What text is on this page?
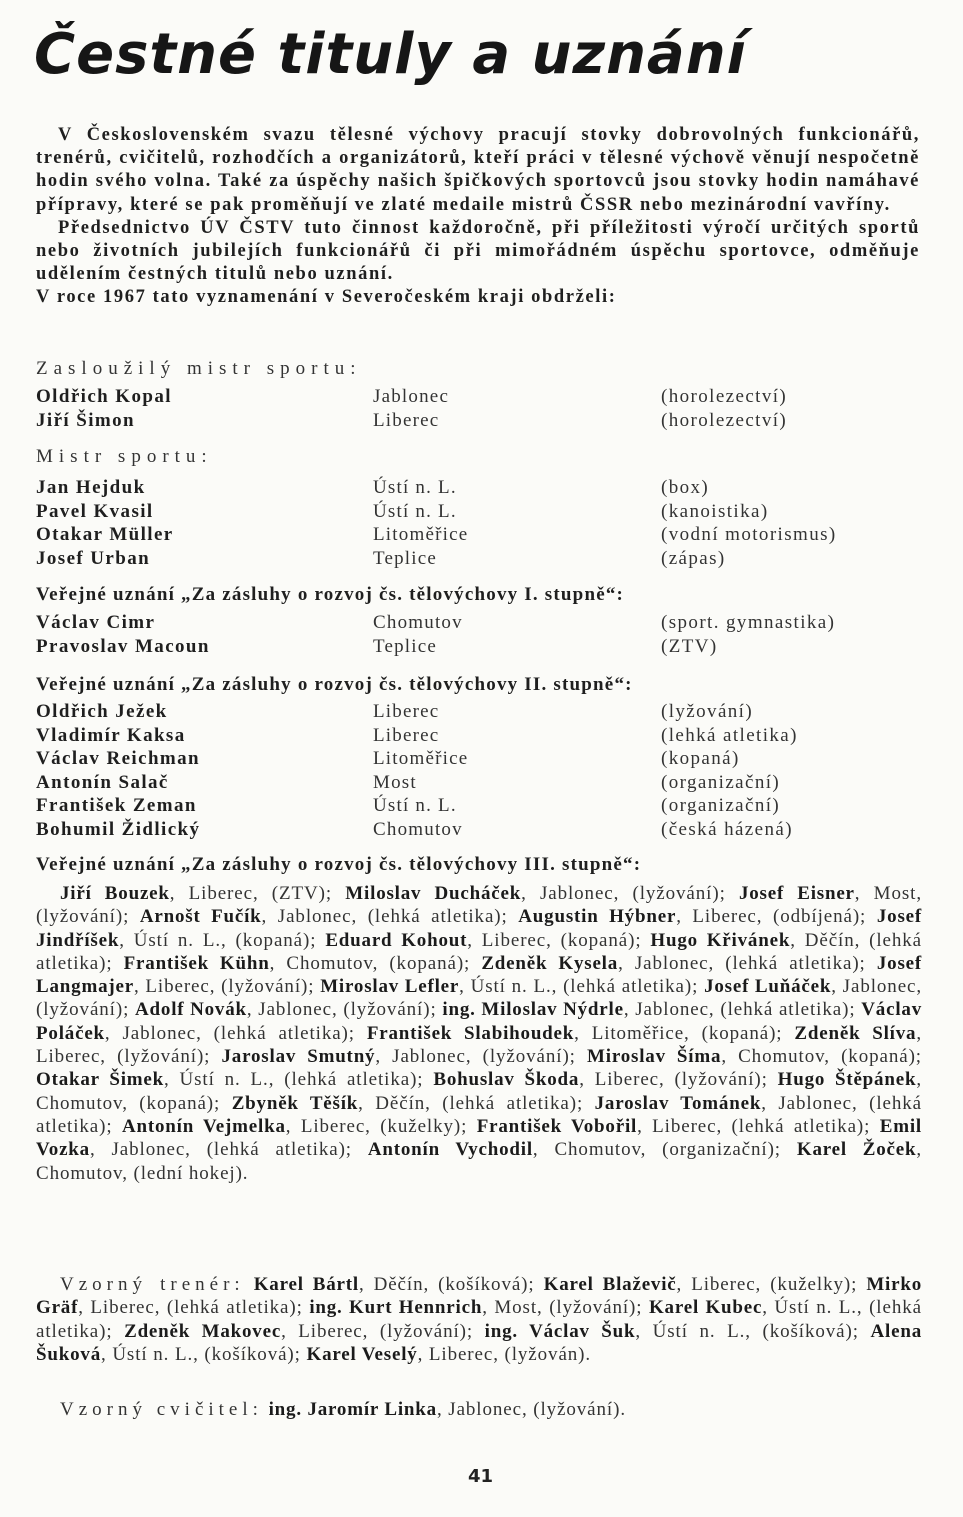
Čestné tituly a uznání

V Československém svazu tělesné výchovy pracují stovky dobrovolných funkcionářů, trenérů, cvičitelů, rozhodčích a organizátorů, kteří práci v tělesné výchově věnují nespočetně hodin svého volna. Také za úspěchy našich špičkových sportovců jsou stovky hodin namáhavé přípravy, které se pak proměňují ve zlaté medaile mistrů ČSSR nebo mezinárodní vavříny.

Předsednictvo ÚV ČSTV tuto činnost každoročně, při příležitosti výročí určitých sportů nebo životních jubilejích funkcionářů či při mimořádném úspěchu sportovce, odměňuje udělením čestných titulů nebo uznání.

V roce 1967 tato vyznamenání v Severočeském kraji obdrželi:

Zasloužilý mistr sportu:
Oldřich Kopal	Jablonec	(horolezectví)
Jiří Šimon	Liberec	(horolezectví)
Mistr sportu:
Jan Hejduk	Ústí n. L.	(box)
Pavel Kvasil	Ústí n. L.	(kanoistika)
Otakar Müller	Litoměřice	(vodní motorismus)
Josef Urban	Teplice	(zápas)
Veřejné uznání „Za zásluhy o rozvoj čs. tělovýchovy I. stupně“:
Václav Cimr	Chomutov	(sport. gymnastika)
Pravoslav Macoun	Teplice	(ZTV)
Veřejné uznání „Za zásluhy o rozvoj čs. tělovýchovy II. stupně“:
Oldřich Ježek	Liberec	(lyžování)
Vladimír Kaksa	Liberec	(lehká atletika)
Václav Reichman	Litoměřice	(kopaná)
Antonín Salač	Most	(organizační)
František Zeman	Ústí n. L.	(organizační)
Bohumil Židlický	Chomutov	(česká házená)
Veřejné uznání „Za zásluhy o rozvoj čs. tělovýchovy III. stupně“:

Jiří Bouzek, Liberec, (ZTV); Miloslav Ducháček, Jablonec, (lyžování); Josef Eisner, Most, (lyžování); Arnošt Fučík, Jablonec, (lehká atletika); Augustin Hýbner, Liberec, (odbíjená); Josef Jindříšek, Ústí n. L., (kopaná); Eduard Kohout, Liberec, (kopaná); Hugo Křivánek, Děčín, (lehká atletika); František Kühn, Chomutov, (kopaná); Zdeněk Kysela, Jablonec, (lehká atletika); Josef Langmajer, Liberec, (lyžování); Miroslav Lefler, Ústí n. L., (lehká atletika); Josef Luňáček, Jablonec, (lyžování); Adolf Novák, Jablonec, (lyžování); ing. Miloslav Nýdrle, Jablonec, (lehká atletika); Václav Poláček, Jablonec, (lehká atletika); František Slabihoudek, Litoměřice, (kopaná); Zdeněk Slíva, Liberec, (lyžování); Jaroslav Smutný, Jablonec, (lyžování); Miroslav Šíma, Chomutov, (kopaná); Otakar Šimek, Ústí n. L., (lehká atletika); Bohuslav Škoda, Liberec, (lyžování); Hugo Štěpánek, Chomutov, (kopaná); Zbyněk Těšík, Děčín, (lehká atletika); Jaroslav Tománek, Jablonec, (lehká atletika); Antonín Vejmelka, Liberec, (kuželky); František Vobořil, Liberec, (lehká atletika); Emil Vozka, Jablonec, (lehká atletika); Antonín Vychodil, Chomutov, (organizační); Karel Žoček, Chomutov, (lední hokej).

Vzorný trenér: Karel Bártl, Děčín, (košíková); Karel Blaževič, Liberec, (kuželky); Mirko Gräf, Liberec, (lehká atletika); ing. Kurt Hennrich, Most, (lyžování); Karel Kubec, Ústí n. L., (lehká atletika); Zdeněk Makovec, Liberec, (lyžování); ing. Václav Šuk, Ústí n. L., (košíková); Alena Šuková, Ústí n. L., (košíková); Karel Veselý, Liberec, (lyžován).

Vzorný cvičitel: ing. Jaromír Linka, Jablonec, (lyžování).

41
